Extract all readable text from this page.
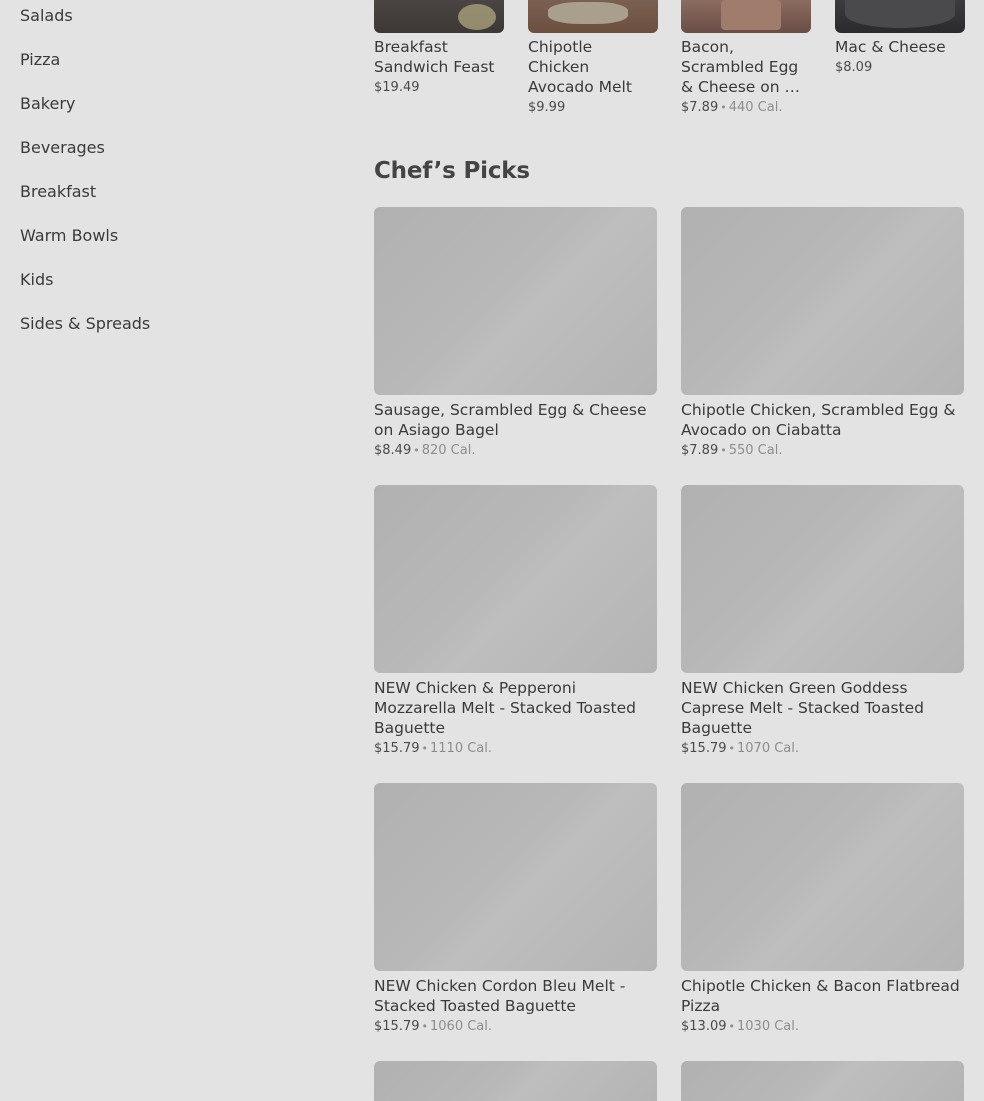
Salads
Pizza
Bakery
Beverages
Breakfast
Warm Bowls
Kids
Sides & Spreads
Breakfast Sandwich Feast
$19.49
Chipotle Chicken Avocado Melt
$9.99
Bacon, Scrambled Egg & Cheese on …
$7.89 • 440 Cal.
Mac & Cheese
$8.09
Chef’s Picks
Sausage, Scrambled Egg & Cheese on Asiago Bagel
$8.49 • 820 Cal.
Chipotle Chicken, Scrambled Egg & Avocado on Ciabatta
$7.89 • 550 Cal.
NEW Chicken & Pepperoni Mozzarella Melt - Stacked Toasted Baguette
$15.79 • 1110 Cal.
NEW Chicken Green Goddess Caprese Melt - Stacked Toasted Baguette
$15.79 • 1070 Cal.
NEW Chicken Cordon Bleu Melt - Stacked Toasted Baguette
$15.79 • 1060 Cal.
Chipotle Chicken & Bacon Flatbread Pizza
$13.09 • 1030 Cal.
